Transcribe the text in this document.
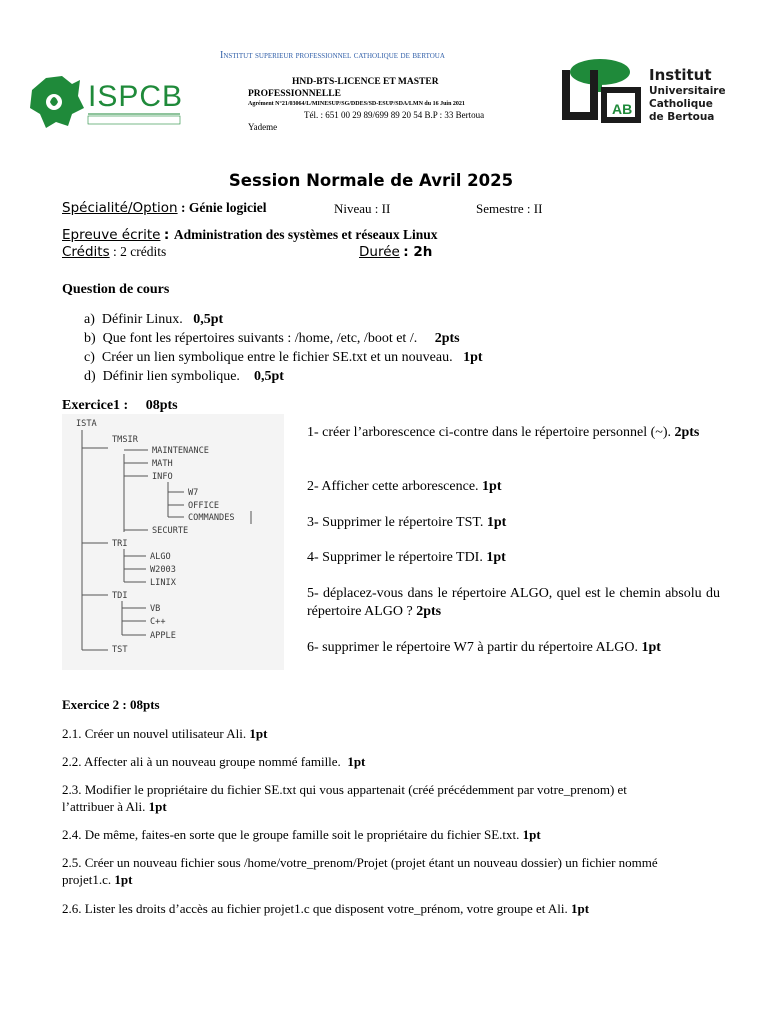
ISPCB
Institut superieur professionnel catholique de bertoua
HND-BTS-LICENCE ET MASTER
PROFESSIONNELLE
Agrément N°21/03064/L/MINESUP/SG/DDES/SD-ESUP/SDA/LMN du 16 Juin 2021
Tél. : 651 00 29 89/699 89 20 54 B.P : 33 Bertoua
Yademe
AB
Institut
Universitaire
Catholique
de Bertoua
Session Normale de Avril 2025
Spécialité/Option : Génie logiciel	Niveau : II	Semestre : II
Epreuve écrite : Administration des systèmes et réseaux Linux
Crédits : 2 crédits	Durée : 2h
Question de cours
a) Définir Linux. 0,5pt
b) Que font les répertoires suivants : /home, /etc, /boot et /. 2pts
c) Créer un lien symbolique entre le fichier SE.txt et un nouveau. 1pt
d) Définir lien symbolique. 0,5pt
Exercice1 : 08pts
ISTA
TMSIR
MAINTENANCE
MATH
INFO
W7
OFFICE
COMMANDES
SECURTE
TRI
ALGO
W2003
LINIX
TDI
VB
C++
APPLE
TST
1- créer l’arborescence ci-contre dans le répertoire personnel (~). 2pts
2- Afficher cette arborescence. 1pt
3- Supprimer le répertoire TST. 1pt
4- Supprimer le répertoire TDI. 1pt
5- déplacez-vous dans le répertoire ALGO, quel est le chemin absolu du répertoire ALGO ? 2pts
6- supprimer le répertoire W7 à partir du répertoire ALGO. 1pt
Exercice 2 : 08pts
2.1. Créer un nouvel utilisateur Ali. 1pt
2.2. Affecter ali à un nouveau groupe nommé famille. 1pt
2.3. Modifier le propriétaire du fichier SE.txt qui vous appartenait (créé précédemment par votre_prenom) et l’attribuer à Ali. 1pt
2.4. De même, faites-en sorte que le groupe famille soit le propriétaire du fichier SE.txt. 1pt
2.5. Créer un nouveau fichier sous /home/votre_prenom/Projet (projet étant un nouveau dossier) un fichier nommé projet1.c. 1pt
2.6. Lister les droits d’accès au fichier projet1.c que disposent votre_prénom, votre groupe et Ali. 1pt
